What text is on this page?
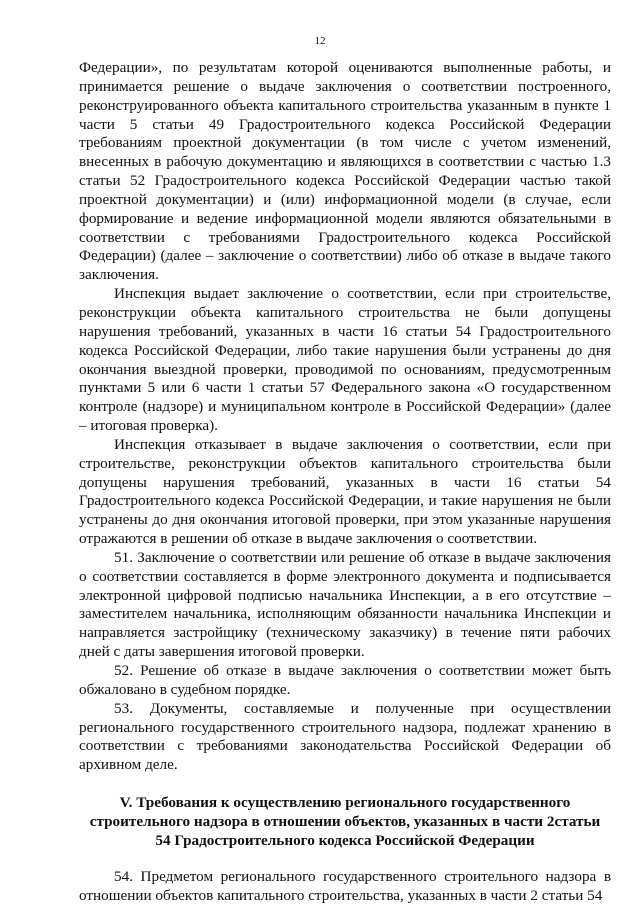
12

Федерации», по результатам которой оцениваются выполненные работы, и принимается решение о выдаче заключения о соответствии построенного, реконструированного объекта капитального строительства указанным в пункте 1 части 5 статьи 49 Градостроительного кодекса Российской Федерации требованиям проектной документации (в том числе с учетом изменений, внесенных в рабочую документацию и являющихся в соответствии с частью 1.3 статьи 52 Градостроительного кодекса Российской Федерации частью такой проектной документации) и (или) информационной модели (в случае, если формирование и ведение информационной модели являются обязательными в соответствии с требованиями Градостроительного кодекса Российской Федерации) (далее – заключение о соответствии) либо об отказе в выдаче такого заключения.

Инспекция выдает заключение о соответствии, если при строительстве, реконструкции объекта капитального строительства не были допущены нарушения требований, указанных в части 16 статьи 54 Градостроительного кодекса Российской Федерации, либо такие нарушения были устранены до дня окончания выездной проверки, проводимой по основаниям, предусмотренным пунктами 5 или 6 части 1 статьи 57 Федерального закона «О государственном контроле (надзоре) и муниципальном контроле в Российской Федерации» (далее – итоговая проверка).

Инспекция отказывает в выдаче заключения о соответствии, если при строительстве, реконструкции объектов капитального строительства были допущены нарушения требований, указанных в части 16 статьи 54 Градостроительного кодекса Российской Федерации, и такие нарушения не были устранены до дня окончания итоговой проверки, при этом указанные нарушения отражаются в решении об отказе в выдаче заключения о соответствии.

51. Заключение о соответствии или решение об отказе в выдаче заключения о соответствии составляется в форме электронного документа и подписывается электронной цифровой подписью начальника Инспекции, а в его отсутствие – заместителем начальника, исполняющим обязанности начальника Инспекции и направляется застройщику (техническому заказчику) в течение пяти рабочих дней с даты завершения итоговой проверки.

52. Решение об отказе в выдаче заключения о соответствии может быть обжаловано в судебном порядке.

53. Документы, составляемые и полученные при осуществлении регионального государственного строительного надзора, подлежат хранению в соответствии с требованиями законодательства Российской Федерации об архивном деле.

V. Требования к осуществлению регионального государственного строительного надзора в отношении объектов, указанных в части 2статьи 54 Градостроительного кодекса Российской Федерации

54. Предметом регионального государственного строительного надзора в отношении объектов капитального строительства, указанных в части 2 статьи 54
